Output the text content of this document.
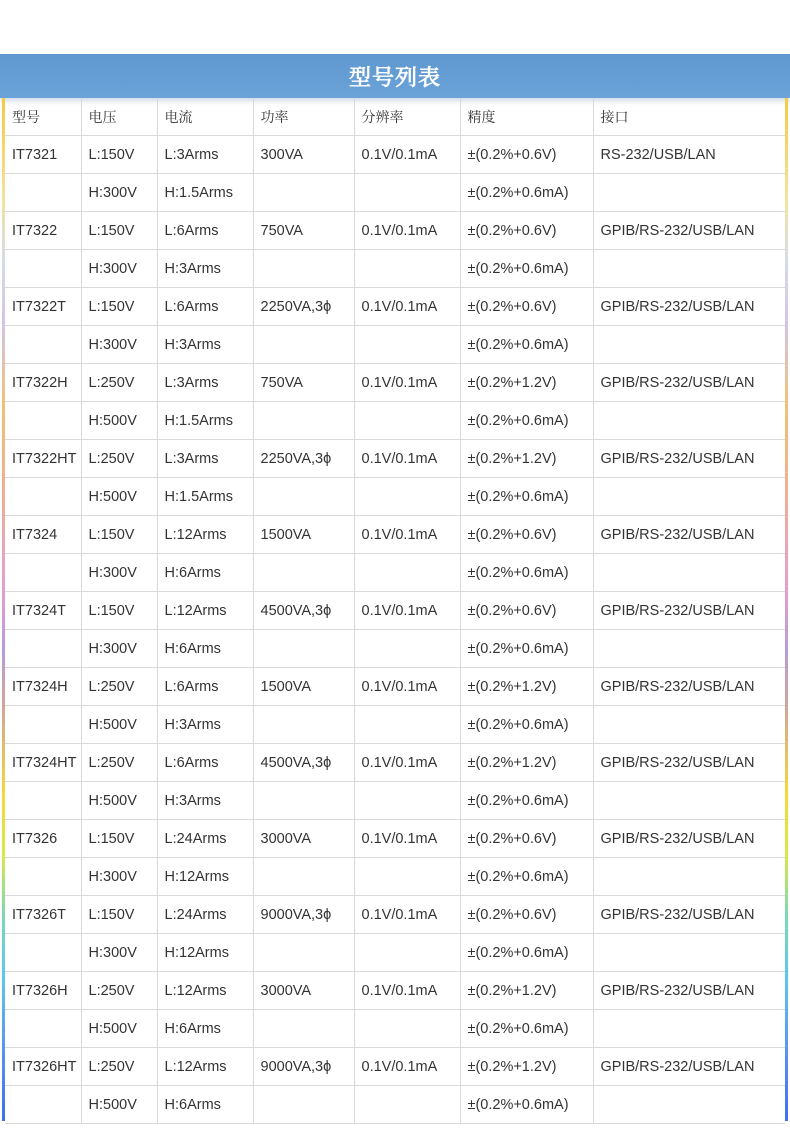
型号列表
型号	电压	电流	功率	分辨率	精度	接口
IT7321	L:150V	L:3Arms	300VA	0.1V/0.1mA	±(0.2%+0.6V)	RS-232/USB/LAN
	H:300V	H:1.5Arms			±(0.2%+0.6mA)	
IT7322	L:150V	L:6Arms	750VA	0.1V/0.1mA	±(0.2%+0.6V)	GPIB/RS-232/USB/LAN
	H:300V	H:3Arms			±(0.2%+0.6mA)	
IT7322T	L:150V	L:6Arms	2250VA,3ϕ	0.1V/0.1mA	±(0.2%+0.6V)	GPIB/RS-232/USB/LAN
	H:300V	H:3Arms			±(0.2%+0.6mA)	
IT7322H	L:250V	L:3Arms	750VA	0.1V/0.1mA	±(0.2%+1.2V)	GPIB/RS-232/USB/LAN
	H:500V	H:1.5Arms			±(0.2%+0.6mA)	
IT7322HT	L:250V	L:3Arms	2250VA,3ϕ	0.1V/0.1mA	±(0.2%+1.2V)	GPIB/RS-232/USB/LAN
	H:500V	H:1.5Arms			±(0.2%+0.6mA)	
IT7324	L:150V	L:12Arms	1500VA	0.1V/0.1mA	±(0.2%+0.6V)	GPIB/RS-232/USB/LAN
	H:300V	H:6Arms			±(0.2%+0.6mA)	
IT7324T	L:150V	L:12Arms	4500VA,3ϕ	0.1V/0.1mA	±(0.2%+0.6V)	GPIB/RS-232/USB/LAN
	H:300V	H:6Arms			±(0.2%+0.6mA)	
IT7324H	L:250V	L:6Arms	1500VA	0.1V/0.1mA	±(0.2%+1.2V)	GPIB/RS-232/USB/LAN
	H:500V	H:3Arms			±(0.2%+0.6mA)	
IT7324HT	L:250V	L:6Arms	4500VA,3ϕ	0.1V/0.1mA	±(0.2%+1.2V)	GPIB/RS-232/USB/LAN
	H:500V	H:3Arms			±(0.2%+0.6mA)	
IT7326	L:150V	L:24Arms	3000VA	0.1V/0.1mA	±(0.2%+0.6V)	GPIB/RS-232/USB/LAN
	H:300V	H:12Arms			±(0.2%+0.6mA)	
IT7326T	L:150V	L:24Arms	9000VA,3ϕ	0.1V/0.1mA	±(0.2%+0.6V)	GPIB/RS-232/USB/LAN
	H:300V	H:12Arms			±(0.2%+0.6mA)	
IT7326H	L:250V	L:12Arms	3000VA	0.1V/0.1mA	±(0.2%+1.2V)	GPIB/RS-232/USB/LAN
	H:500V	H:6Arms			±(0.2%+0.6mA)	
IT7326HT	L:250V	L:12Arms	9000VA,3ϕ	0.1V/0.1mA	±(0.2%+1.2V)	GPIB/RS-232/USB/LAN
	H:500V	H:6Arms			±(0.2%+0.6mA)	
